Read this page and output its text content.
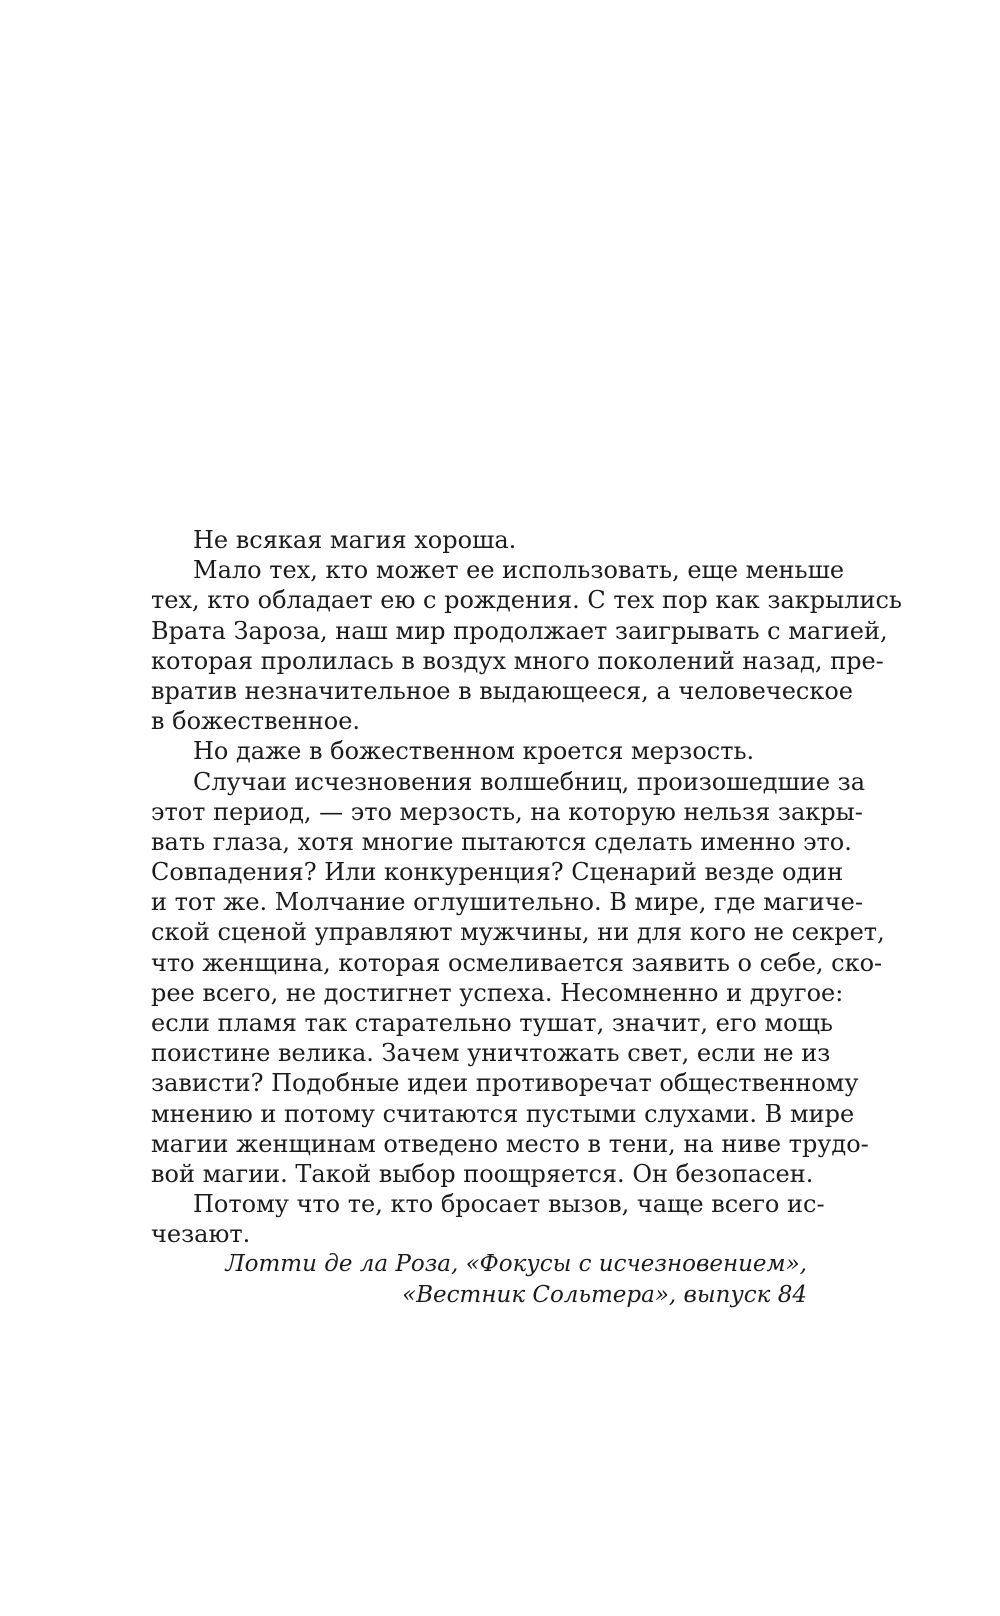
Не всякая магия хороша.
Мало тех, кто может ее использовать, еще меньше
тех, кто обладает ею с рождения. С тех пор как закрылись
Врата Зароза, наш мир продолжает заигрывать с магией,
которая пролилась в воздух много поколений назад, пре-
вратив незначительное в выдающееся, а человеческое
в божественное.
Но даже в божественном кроется мерзость.
Случаи исчезновения волшебниц, произошедшие за
этот период, — это мерзость, на которую нельзя закры-
вать глаза, хотя многие пытаются сделать именно это.
Совпадения? Или конкуренция? Сценарий везде один
и тот же. Молчание оглушительно. В мире, где магиче-
ской сценой управляют мужчины, ни для кого не секрет,
что женщина, которая осмеливается заявить о себе, ско-
рее всего, не достигнет успеха. Несомненно и другое:
если пламя так старательно тушат, значит, его мощь
поистине велика. Зачем уничтожать свет, если не из
зависти? Подобные идеи противоречат общественному
мнению и потому считаются пустыми слухами. В мире
магии женщинам отведено место в тени, на ниве трудо-
вой магии. Такой выбор поощряется. Он безопасен.
Потому что те, кто бросает вызов, чаще всего ис-
чезают.
Лотти де ла Роза, «Фокусы с исчезновением»,
«Вестник Сольтера», выпуск 84
